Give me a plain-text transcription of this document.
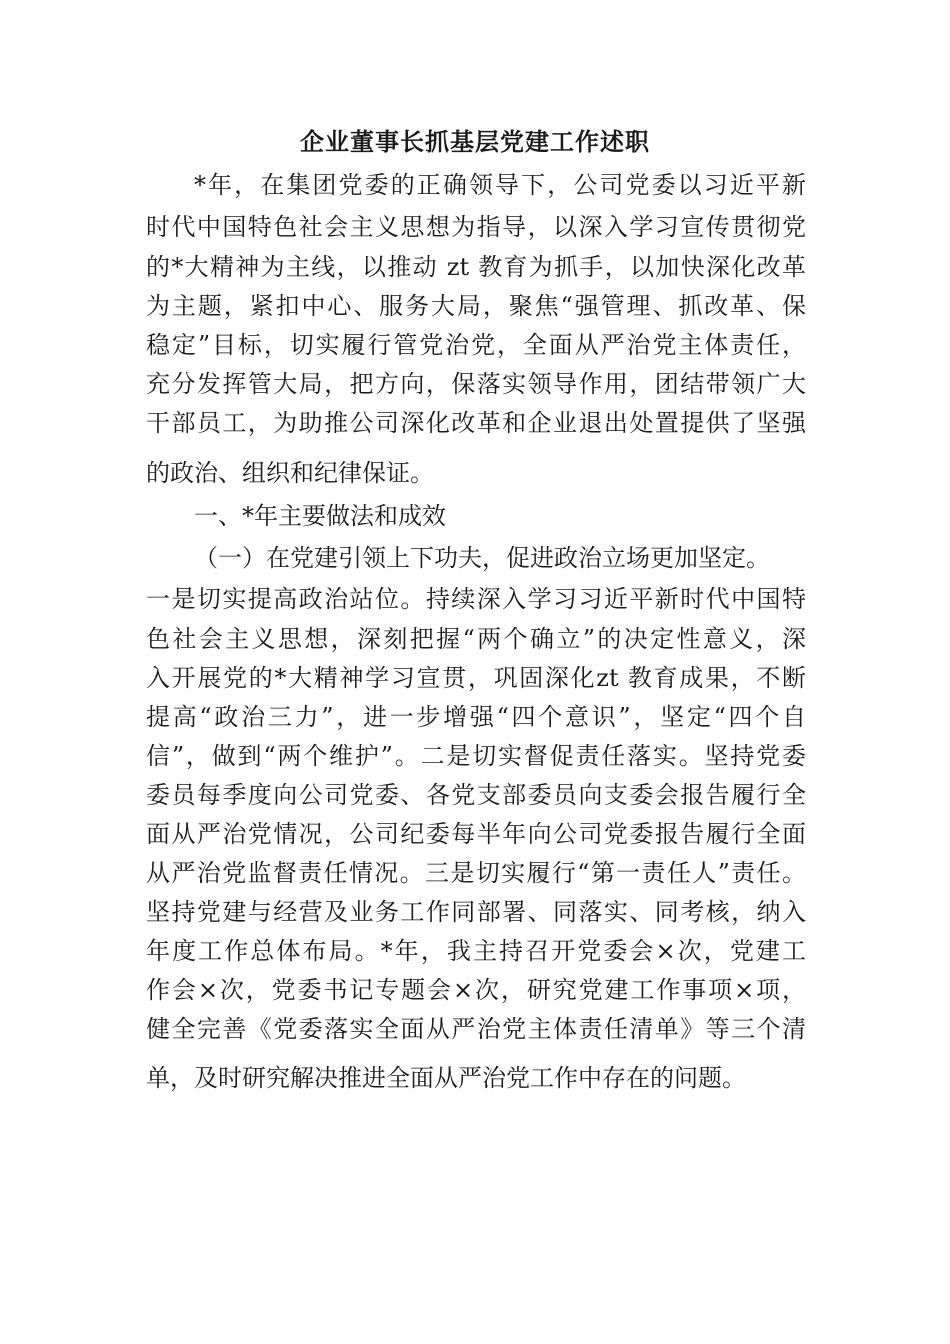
企业董事长抓基层党建工作述职
*年，在集团党委的正确领导下，公司党委以习近平新
时代中国特色社会主义思想为指导，以深入学习宣传贯彻党
的*大精神为主线，以推动 zt 教育为抓手，以加快深化改革
为主题，紧扣中心、服务大局，聚焦“强管理、抓改革、保
稳定”目标，切实履行管党治党，全面从严治党主体责任，
充分发挥管大局，把方向，保落实领导作用，团结带领广大
干部员工，为助推公司深化改革和企业退出处置提供了坚强
的政治、组织和纪律保证。
一、*年主要做法和成效
（一）在党建引领上下功夫，促进政治立场更加坚定。
一是切实提高政治站位。持续深入学习习近平新时代中国特
色社会主义思想，深刻把握“两个确立”的决定性意义，深
入开展党的*大精神学习宣贯，巩固深化zt 教育成果，不断
提高“政治三力”，进一步增强“四个意识”，坚定“四个自
信”，做到“两个维护”。二是切实督促责任落实。坚持党委
委员每季度向公司党委、各党支部委员向支委会报告履行全
面从严治党情况，公司纪委每半年向公司党委报告履行全面
从严治党监督责任情况。三是切实履行“第一责任人”责任。
坚持党建与经营及业务工作同部署、同落实、同考核，纳入
年度工作总体布局。*年，我主持召开党委会×次，党建工
作会×次，党委书记专题会×次，研究党建工作事项×项，
健全完善《党委落实全面从严治党主体责任清单》等三个清
单，及时研究解决推进全面从严治党工作中存在的问题。
